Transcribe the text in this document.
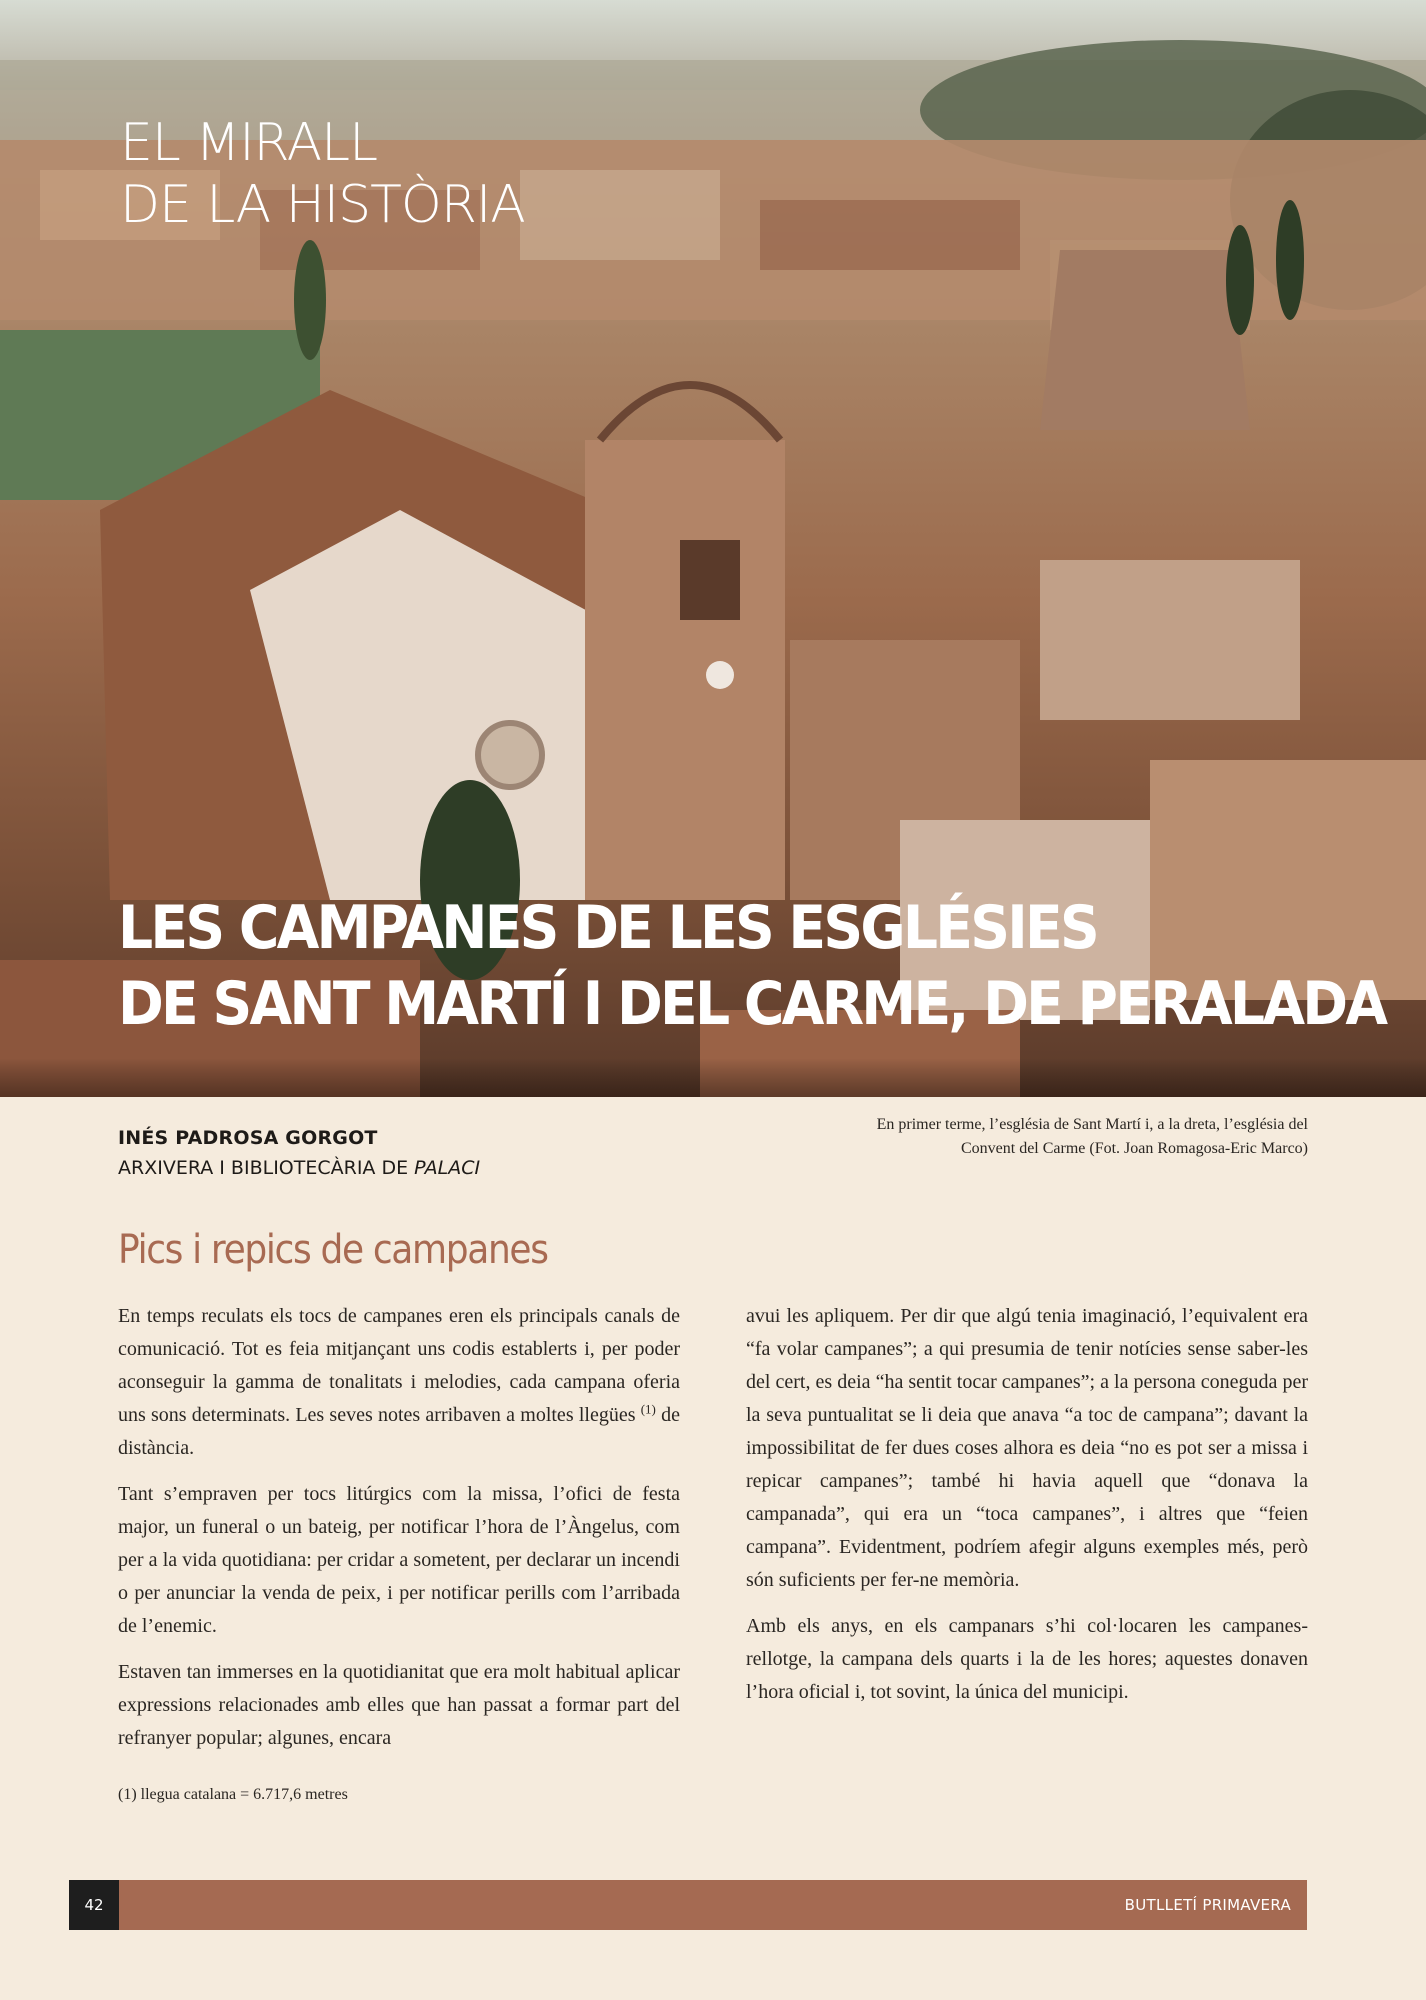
EL MIRALL
DE LA HISTÒRIA
LES CAMPANES DE LES ESGLÉSIES
DE SANT MARTÍ I DEL CARME, DE PERALADA
INÉS PADROSA GORGOT
ARXIVERA I BIBLIOTECÀRIA DE PALACI
En primer terme, l’església de Sant Martí i, a la dreta, l’església del
Convent del Carme (Fot. Joan Romagosa-Eric Marco)
Pics i repics de campanes

En temps reculats els tocs de campanes eren els principals canals de comunicació. Tot es feia mitjançant uns codis establerts i, per poder aconseguir la gamma de tonalitats i melodies, cada campana oferia uns sons determinats. Les seves notes arribaven a moltes llegües $^{(1)}$ de distància.

Tant s’empraven per tocs litúrgics com la missa, l’ofici de festa major, un funeral o un bateig, per notificar l’hora de l’Àngelus, com per a la vida quotidiana: per cridar a sometent, per declarar un incendi o per anunciar la venda de peix, i per notificar perills com l’arribada de l’enemic.

Estaven tan immerses en la quotidianitat que era molt habitual aplicar expressions relacionades amb elles que han passat a formar part del refranyer popular; algunes, encara

avui les apliquem. Per dir que algú tenia imaginació, l’equivalent era “fa volar campanes”; a qui presumia de tenir notícies sense saber-les del cert, es deia “ha sentit tocar campanes”; a la persona coneguda per la seva puntualitat se li deia que anava “a toc de campana”; davant la impossibilitat de fer dues coses alhora es deia “no es pot ser a missa i repicar campanes”; també hi havia aquell que “donava la campanada”, qui era un “toca campanes”, i altres que “feien campana”. Evidentment, podríem afegir alguns exemples més, però són suficients per fer-ne memòria.

Amb els anys, en els campanars s’hi col·locaren les campanes-rellotge, la campana dels quarts i la de les hores; aquestes donaven l’hora oficial i, tot sovint, la única del municipi.

(1) llegua catalana = 6.717,6 metres
42	BUTLLETÍ PRIMAVERA
